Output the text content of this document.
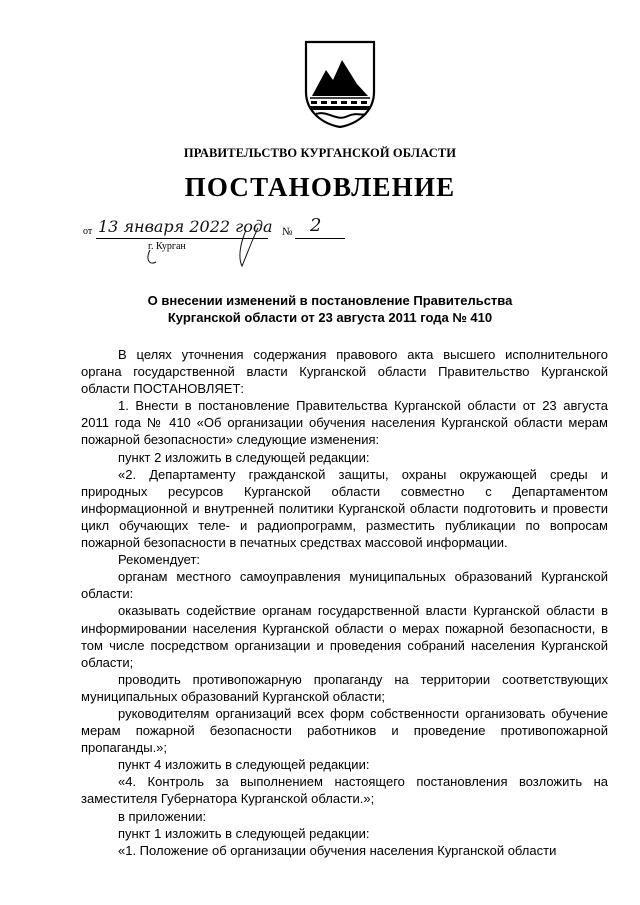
ПРАВИТЕЛЬСТВО КУРГАНСКОЙ ОБЛАСТИ
ПОСТАНОВЛЕНИЕ
от 13 января 2022 года № 2
г. Курган
О внесении изменений в постановление Правительства
Курганской области от 23 августа 2011 года № 410

В целях уточнения содержания правового акта высшего исполнительного органа государственной власти Курганской области Правительство Курганской области ПОСТАНОВЛЯЕТ:

1. Внести в постановление Правительства Курганской области от 23 августа 2011 года № 410 «Об организации обучения населения Курганской области мерам пожарной безопасности» следующие изменения:

пункт 2 изложить в следующей редакции:

«2. Департаменту гражданской защиты, охраны окружающей среды и природных ресурсов Курганской области совместно с Департаментом информационной и внутренней политики Курганской области подготовить и провести цикл обучающих теле- и радиопрограмм, разместить публикации по вопросам пожарной безопасности в печатных средствах массовой информации.

Рекомендует:

органам местного самоуправления муниципальных образований Курганской области:

оказывать содействие органам государственной власти Курганской области в информировании населения Курганской области о мерах пожарной безопасности, в том числе посредством организации и проведения собраний населения Курганской области;

проводить противопожарную пропаганду на территории соответствующих муниципальных образований Курганской области;

руководителям организаций всех форм собственности организовать обучение мерам пожарной безопасности работников и проведение противопожарной пропаганды.»;

пункт 4 изложить в следующей редакции:

«4. Контроль за выполнением настоящего постановления возложить на заместителя Губернатора Курганской области.»;

в приложении:

пункт 1 изложить в следующей редакции:

«1. Положение об организации обучения населения Курганской области
